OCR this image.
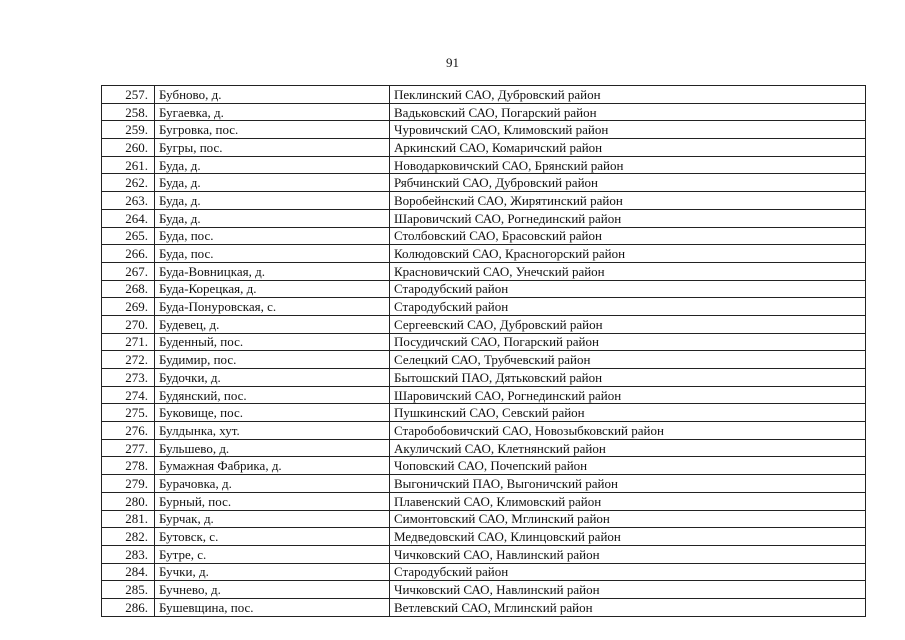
91
257.	Бубново, д.	Пеклинский САО, Дубровский район
258.	Бугаевка, д.	Вадьковский САО, Погарский район
259.	Бугровка, пос.	Чуровичский САО, Климовский район
260.	Бугры, пос.	Аркинский САО, Комаричский район
261.	Буда, д.	Новодарковичский САО, Брянский район
262.	Буда, д.	Рябчинский САО, Дубровский район
263.	Буда, д.	Воробейнский САО, Жирятинский район
264.	Буда, д.	Шаровичский САО, Рогнединский район
265.	Буда, пос.	Столбовский САО, Брасовский район
266.	Буда, пос.	Колюдовский САО, Красногорский район
267.	Буда-Вовницкая, д.	Красновичский САО, Унечский район
268.	Буда-Корецкая, д.	Стародубский район
269.	Буда-Понуровская, с.	Стародубский район
270.	Будевец, д.	Сергеевский САО, Дубровский район
271.	Буденный, пос.	Посудичский САО, Погарский район
272.	Будимир, пос.	Селецкий САО, Трубчевский район
273.	Будочки, д.	Бытошский ПАО, Дятьковский район
274.	Будянский, пос.	Шаровичский САО, Рогнединский район
275.	Буковище, пос.	Пушкинский САО, Севский район
276.	Булдынка, хут.	Старобобовичский САО, Новозыбковский район
277.	Бульшево, д.	Акуличский САО, Клетнянский район
278.	Бумажная Фабрика, д.	Чоповский САО, Почепский район
279.	Бурачовка, д.	Выгоничский ПАО, Выгоничский район
280.	Бурный, пос.	Плавенский САО, Климовский район
281.	Бурчак, д.	Симонтовский САО, Мглинский район
282.	Бутовск, с.	Медведовский САО, Клинцовский район
283.	Бутре, с.	Чичковский САО, Навлинский район
284.	Бучки, д.	Стародубский район
285.	Бучнево, д.	Чичковский САО, Навлинский район
286.	Бушевщина, пос.	Ветлевский САО, Мглинский район
